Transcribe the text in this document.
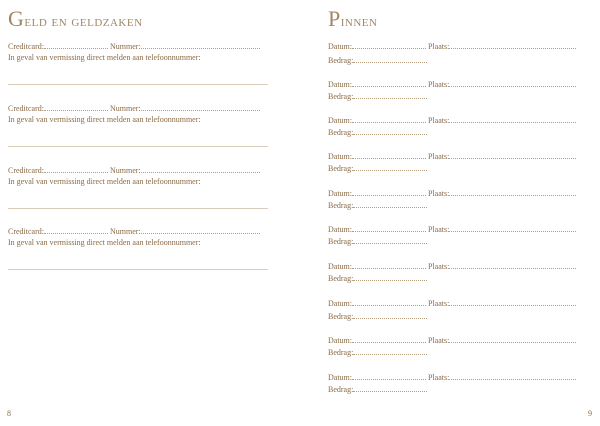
Geld en geldzaken
Creditcard:	Nummer:
In geval van vermissing direct melden aan telefoonnummer:
Creditcard:	Nummer:
In geval van vermissing direct melden aan telefoonnummer:
Creditcard:	Nummer:
In geval van vermissing direct melden aan telefoonnummer:
Creditcard:	Nummer:
In geval van vermissing direct melden aan telefoonnummer:
8
Pinnen
Datum:	Plaats:
Bedrag:
Datum:	Plaats:
Bedrag:
Datum:	Plaats:
Bedrag:
Datum:	Plaats:
Bedrag:
Datum:	Plaats:
Bedrag:
Datum:	Plaats:
Bedrag:
Datum:	Plaats:
Bedrag:
Datum:	Plaats:
Bedrag:
Datum:	Plaats:
Bedrag:
Datum:	Plaats:
Bedrag:
9
